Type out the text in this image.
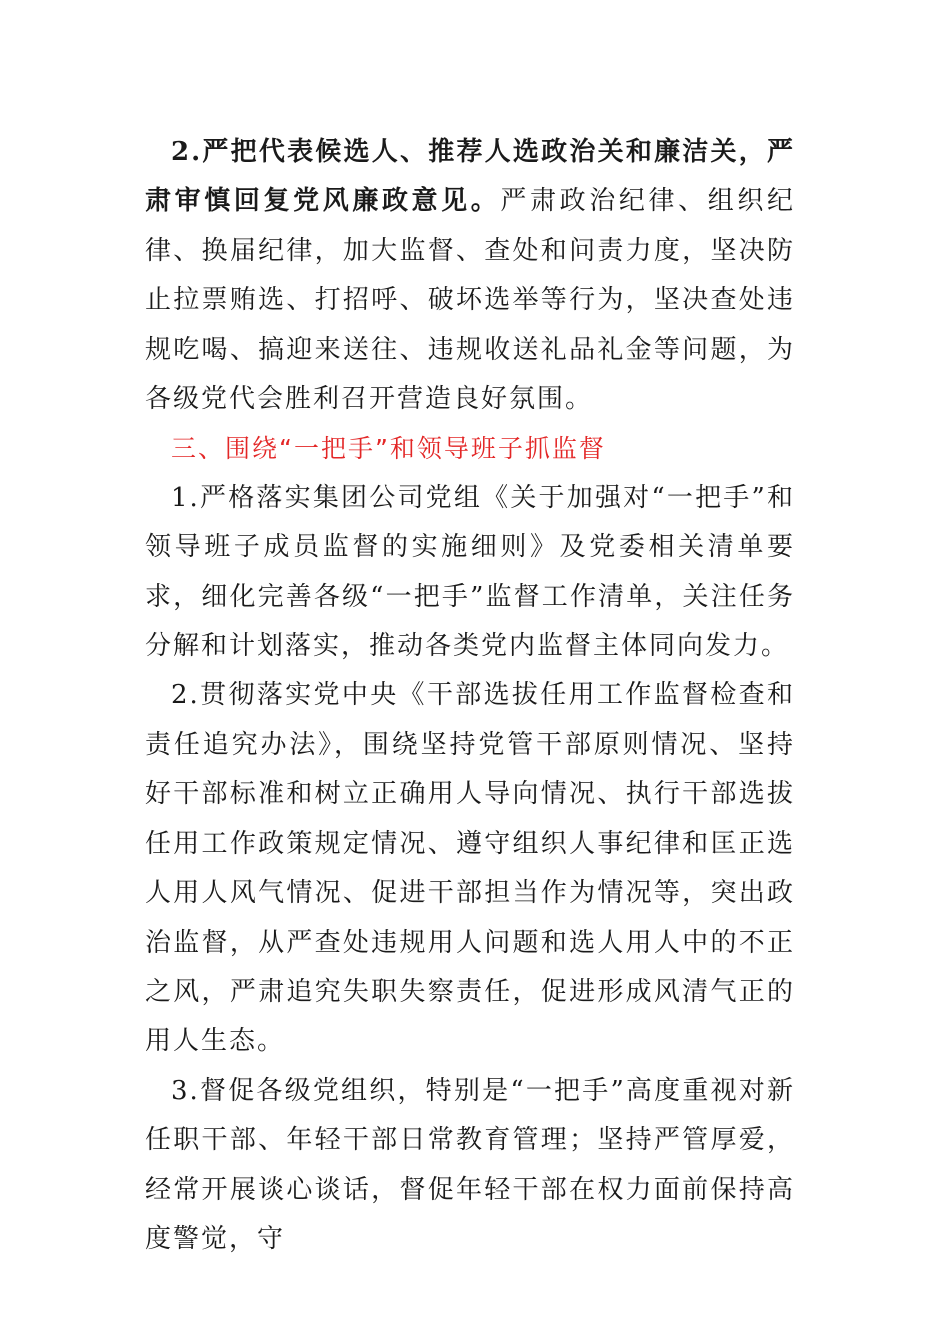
2.严把代表候选人、推荐人选政治关和廉洁关，严肃审慎回复党风廉政意见。严肃政治纪律、组织纪律、换届纪律，加大监督、查处和问责力度，坚决防止拉票贿选、打招呼、破坏选举等行为，坚决查处违规吃喝、搞迎来送往、违规收送礼品礼金等问题，为各级党代会胜利召开营造良好氛围。

三、围绕“一把手”和领导班子抓监督

1.严格落实集团公司党组《关于加强对“一把手”和领导班子成员监督的实施细则》及党委相关清单要求，细化完善各级“一把手”监督工作清单，关注任务分解和计划落实，推动各类党内监督主体同向发力。

2.贯彻落实党中央《干部选拔任用工作监督检查和责任追究办法》，围绕坚持党管干部原则情况、坚持好干部标准和树立正确用人导向情况、执行干部选拔任用工作政策规定情况、遵守组织人事纪律和匡正选人用人风气情况、促进干部担当作为情况等，突出政治监督，从严查处违规用人问题和选人用人中的不正之风，严肃追究失职失察责任，促进形成风清气正的用人生态。

3.督促各级党组织，特别是“一把手”高度重视对新任职干部、年轻干部日常教育管理；坚持严管厚爱，经常开展谈心谈话，督促年轻干部在权力面前保持高度警觉，守
